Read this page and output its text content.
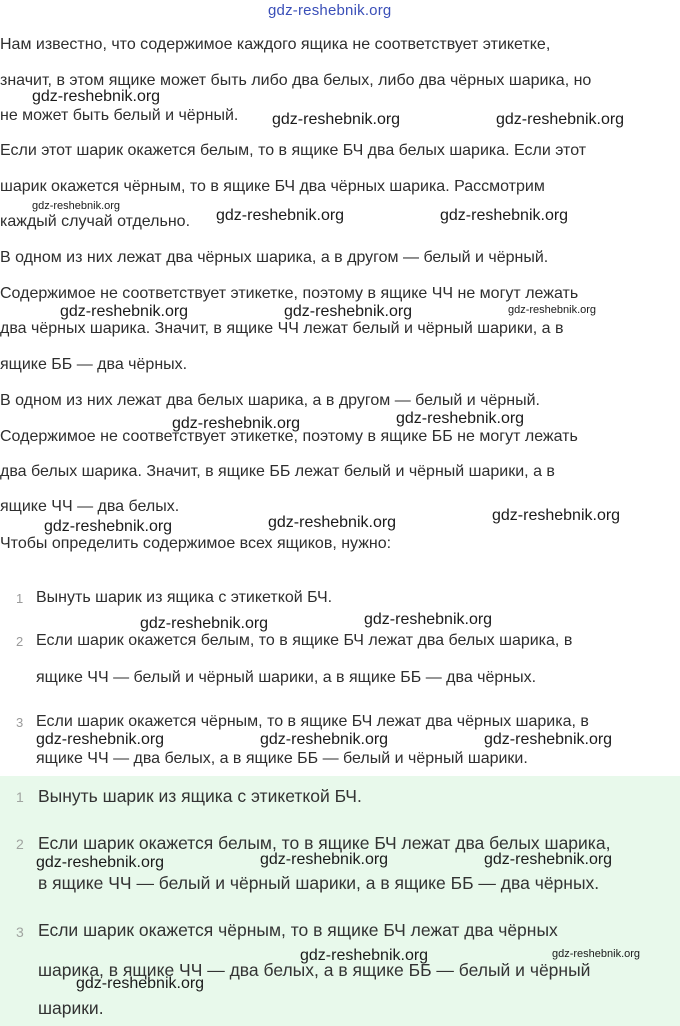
gdz-reshebnik.org

Нам известно, что содержимое каждого ящика не соответствует этикетке,

значит, в этом ящике может быть либо два белых, либо два чёрных шарика, но

не может быть белый и чёрный.

Если этот шарик окажется белым, то в ящике БЧ два белых шарика. Если этот

шарик окажется чёрным, то в ящике БЧ два чёрных шарика. Рассмотрим

каждый случай отдельно.

В одном из них лежат два чёрных шарика, а в другом — белый и чёрный.

Содержимое не соответствует этикетке, поэтому в ящике ЧЧ не могут лежать

два чёрных шарика. Значит, в ящике ЧЧ лежат белый и чёрный шарики, а в

ящике ББ — два чёрных.

В одном из них лежат два белых шарика, а в другом — белый и чёрный.

Содержимое не соответствует этикетке, поэтому в ящике ББ не могут лежать

два белых шарика. Значит, в ящике ББ лежат белый и чёрный шарики, а в

ящике ЧЧ — два белых.

Чтобы определить содержимое всех ящиков, нужно:

1 Вынуть шарик из ящика с этикеткой БЧ.
2 Если шарик окажется белым, то в ящике БЧ лежат два белых шарика, в
ящике ЧЧ — белый и чёрный шарики, а в ящике ББ — два чёрных.
3 Если шарик окажется чёрным, то в ящике БЧ лежат два чёрных шарика, в
ящике ЧЧ — два белых, а в ящике ББ — белый и чёрный шарики.
1 Вынуть шарик из ящика с этикеткой БЧ.
2 Если шарик окажется белым, то в ящике БЧ лежат два белых шарика,
в ящике ЧЧ — белый и чёрный шарики, а в ящике ББ — два чёрных.
3 Если шарик окажется чёрным, то в ящике БЧ лежат два чёрных
шарика, в ящике ЧЧ — два белых, а в ящике ББ — белый и чёрный
шарики.
gdz-reshebnik.org
gdz-reshebnik.org	gdz-reshebnik.org
gdz-reshebnik.org
gdz-reshebnik.org	gdz-reshebnik.org
gdz-reshebnik.org	gdz-reshebnik.org	gdz-reshebnik.org
gdz-reshebnik.org	gdz-reshebnik.org
gdz-reshebnik.org	gdz-reshebnik.org	gdz-reshebnik.org
gdz-reshebnik.org	gdz-reshebnik.org
gdz-reshebnik.org	gdz-reshebnik.org	gdz-reshebnik.org
gdz-reshebnik.org	gdz-reshebnik.org	gdz-reshebnik.org
gdz-reshebnik.org	gdz-reshebnik.org
gdz-reshebnik.org
